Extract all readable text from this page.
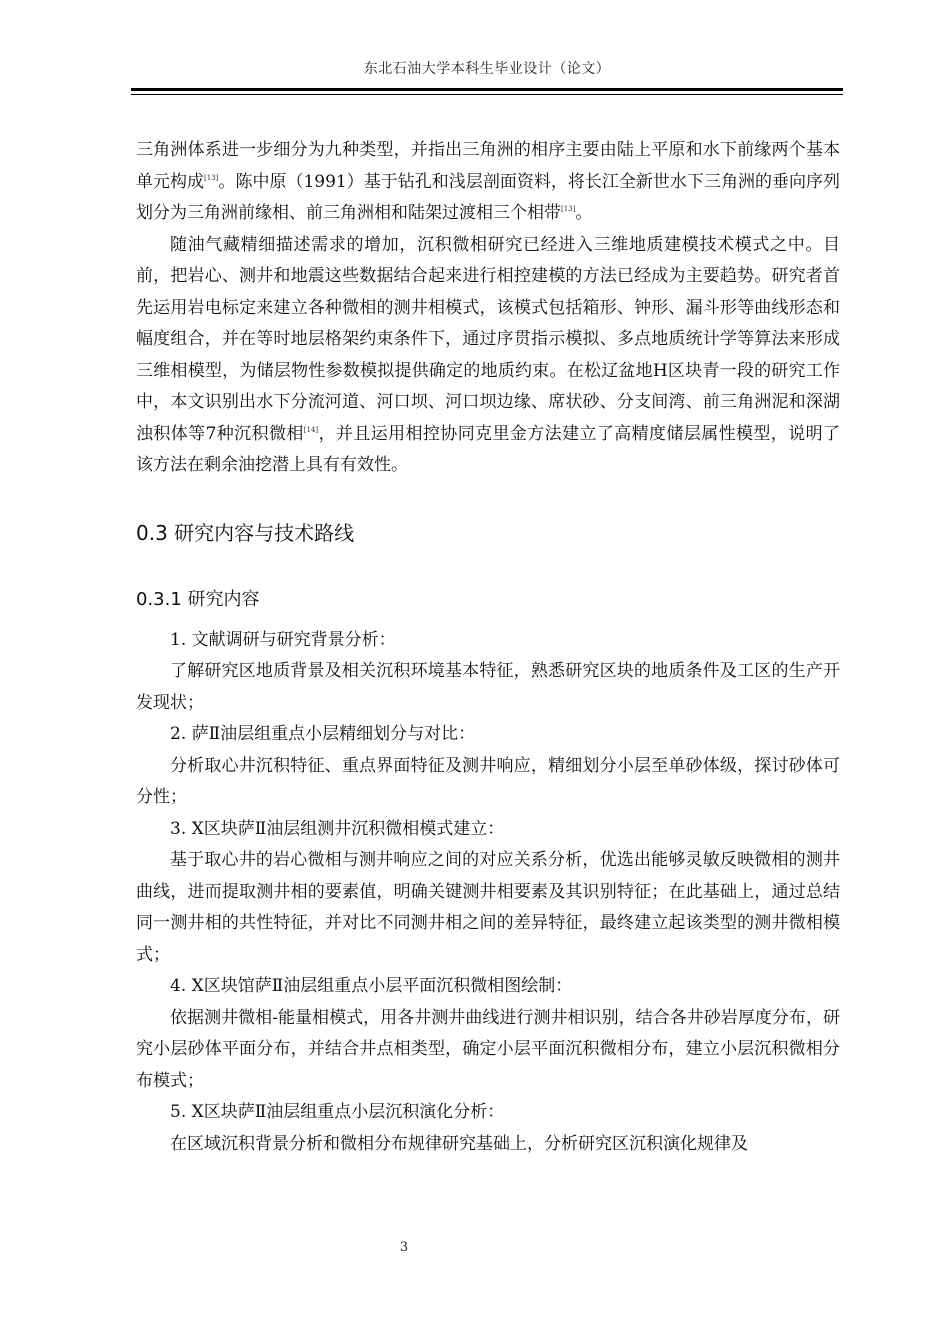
东北石油大学本科生毕业设计（论文）

三角洲体系进一步细分为九种类型，并指出三角洲的相序主要由陆上平原和水下前缘两个基本单元构成[13]。陈中原（1991）基于钻孔和浅层剖面资料，将长江全新世水下三角洲的垂向序列划分为三角洲前缘相、前三角洲相和陆架过渡相三个相带[13]。

随油气藏精细描述需求的增加，沉积微相研究已经进入三维地质建模技术模式之中。目前，把岩心、测井和地震这些数据结合起来进行相控建模的方法已经成为主要趋势。研究者首先运用岩电标定来建立各种微相的测井相模式，该模式包括箱形、钟形、漏斗形等曲线形态和幅度组合，并在等时地层格架约束条件下，通过序贯指示模拟、多点地质统计学等算法来形成三维相模型，为储层物性参数模拟提供确定的地质约束。在松辽盆地H区块青一段的研究工作中，本文识别出水下分流河道、河口坝、河口坝边缘、席状砂、分支间湾、前三角洲泥和深湖浊积体等7种沉积微相[14]，并且运用相控协同克里金方法建立了高精度储层属性模型，说明了该方法在剩余油挖潜上具有有效性。

0.3 研究内容与技术路线
0.3.1 研究内容

1. 文献调研与研究背景分析：

了解研究区地质背景及相关沉积环境基本特征，熟悉研究区块的地质条件及工区的生产开发现状；

2. 萨Ⅱ油层组重点小层精细划分与对比：

分析取心井沉积特征、重点界面特征及测井响应，精细划分小层至单砂体级，探讨砂体可分性；

3. X区块萨Ⅱ油层组测井沉积微相模式建立：

基于取心井的岩心微相与测井响应之间的对应关系分析，优选出能够灵敏反映微相的测井曲线，进而提取测井相的要素值，明确关键测井相要素及其识别特征；在此基础上，通过总结同一测井相的共性特征，并对比不同测井相之间的差异特征，最终建立起该类型的测井微相模式；

4. X区块馆萨Ⅱ油层组重点小层平面沉积微相图绘制：

依据测井微相-能量相模式，用各井测井曲线进行测井相识别，结合各井砂岩厚度分布，研究小层砂体平面分布，并结合井点相类型，确定小层平面沉积微相分布，建立小层沉积微相分布模式；

5. X区块萨Ⅱ油层组重点小层沉积演化分析：

在区域沉积背景分析和微相分布规律研究基础上，分析研究区沉积演化规律及

3
